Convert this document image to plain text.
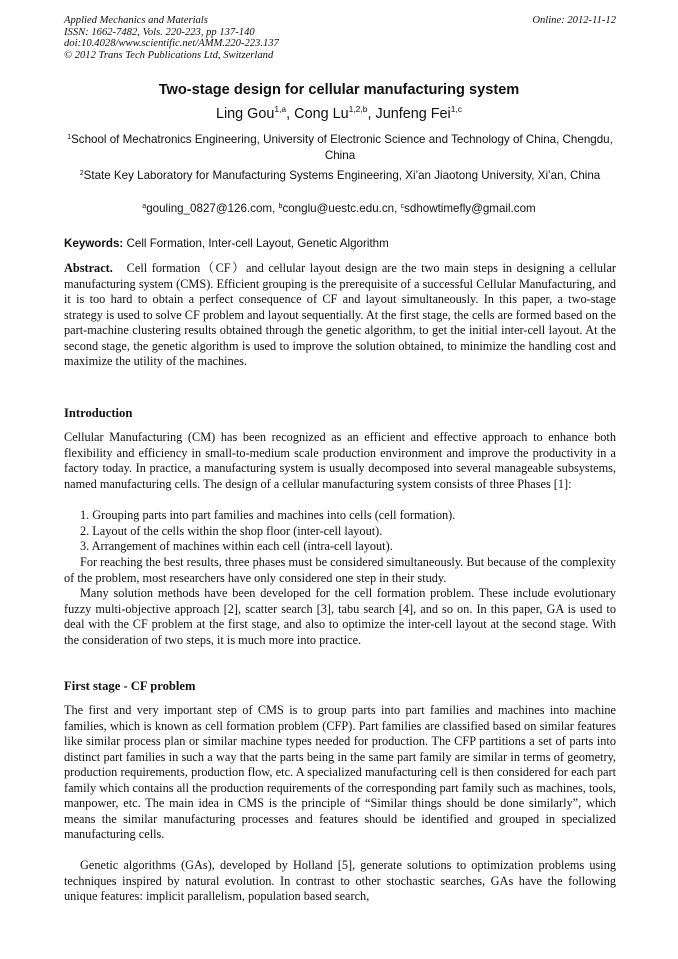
Applied Mechanics and Materials
ISSN: 1662-7482, Vols. 220-223, pp 137-140
doi:10.4028/www.scientific.net/AMM.220-223.137
© 2012 Trans Tech Publications Ltd, Switzerland
Online: 2012-11-12
Two-stage design for cellular manufacturing system
Ling Gou$^{1,a}$, Cong Lu$^{1,2,b}$, Junfeng Fei$^{1,c}$
$^1$School of Mechatronics Engineering, University of Electronic Science and Technology of China, Chengdu, China
$^2$State Key Laboratory for Manufacturing Systems Engineering, Xi’an Jiaotong University, Xi’an, China
$^a$gouling_0827@126.com, $^b$conglu@uestc.edu.cn, $^c$sdhowtimefly@gmail.com
Keywords: Cell Formation, Inter-cell Layout, Genetic Algorithm
Abstract. Cell formation（CF）and cellular layout design are the two main steps in designing a cellular manufacturing system (CMS). Efficient grouping is the prerequisite of a successful Cellular Manufacturing, and it is too hard to obtain a perfect consequence of CF and layout simultaneously. In this paper, a two-stage strategy is used to solve CF problem and layout sequentially. At the first stage, the cells are formed based on the part-machine clustering results obtained through the genetic algorithm, to get the initial inter-cell layout. At the second stage, the genetic algorithm is used to improve the solution obtained, to minimize the handling cost and maximize the utility of the machines.
Introduction
Cellular Manufacturing (CM) has been recognized as an efficient and effective approach to enhance both flexibility and efficiency in small-to-medium scale production environment and improve the productivity in a factory today. In practice, a manufacturing system is usually decomposed into several manageable subsystems, named manufacturing cells. The design of a cellular manufacturing system consists of three Phases [1]:
1. Grouping parts into part families and machines into cells (cell formation).
2. Layout of the cells within the shop floor (inter-cell layout).
3. Arrangement of machines within each cell (intra-cell layout).
For reaching the best results, three phases must be considered simultaneously. But because of the complexity of the problem, most researchers have only considered one step in their study.
Many solution methods have been developed for the cell formation problem. These include evolutionary fuzzy multi-objective approach [2], scatter search [3], tabu search [4], and so on. In this paper, GA is used to deal with the CF problem at the first stage, and also to optimize the inter-cell layout at the second stage. With the consideration of two steps, it is much more into practice.
First stage - CF problem
The first and very important step of CMS is to group parts into part families and machines into machine families, which is known as cell formation problem (CFP). Part families are classified based on similar features like similar process plan or similar machine types needed for production. The CFP partitions a set of parts into distinct part families in such a way that the parts being in the same part family are similar in terms of geometry, production requirements, production flow, etc. A specialized manufacturing cell is then considered for each part family which contains all the production requirements of the corresponding part family such as machines, tools, manpower, etc. The main idea in CMS is the principle of “Similar things should be done similarly”, which means the similar manufacturing processes and features should be identified and grouped in specialized manufacturing cells.
Genetic algorithms (GAs), developed by Holland [5], generate solutions to optimization problems using techniques inspired by natural evolution. In contrast to other stochastic searches, GAs have the following unique features: implicit parallelism, population based search,
